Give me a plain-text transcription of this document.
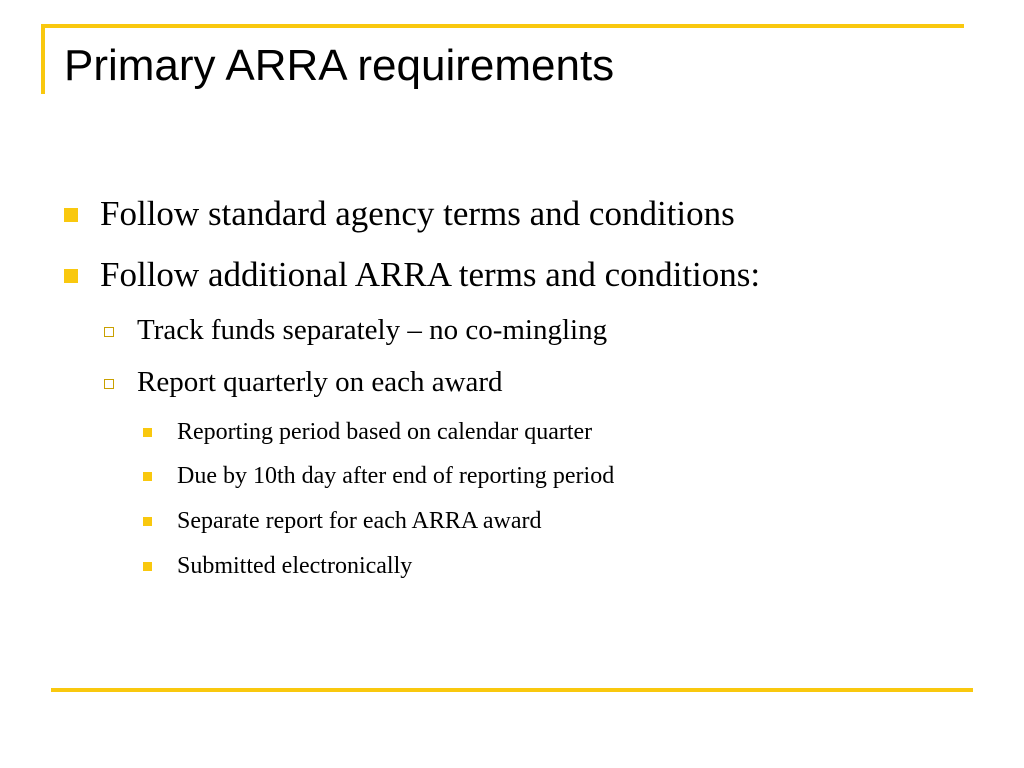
Primary ARRA requirements
Follow standard agency terms and conditions
Follow additional ARRA terms and conditions:
Track funds separately – no co-mingling
Report quarterly on each award
Reporting period based on calendar quarter
Due by 10th day after end of reporting period
Separate report for each ARRA award
Submitted electronically
